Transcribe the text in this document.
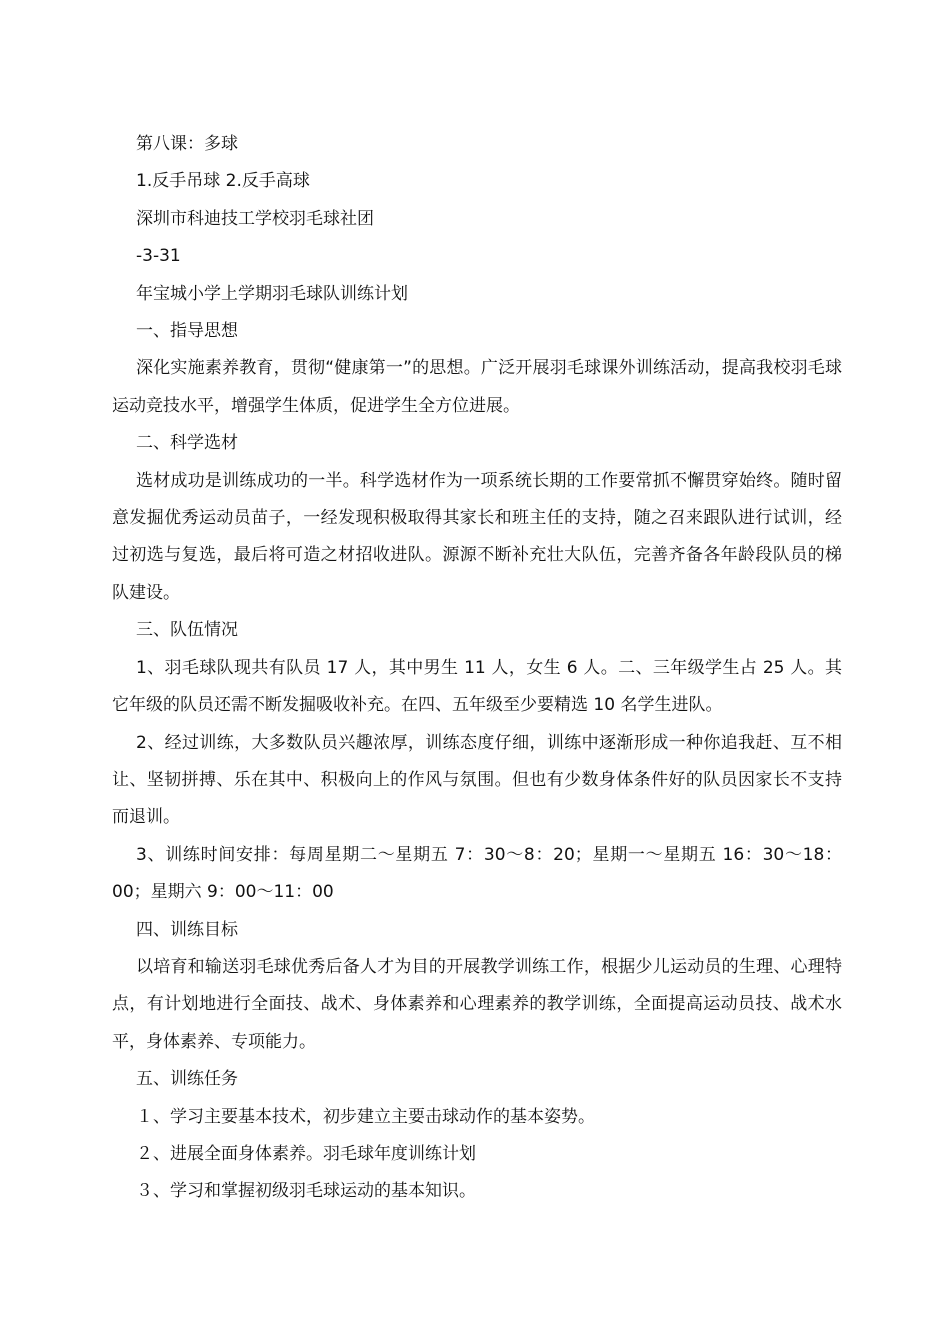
第八课：多球

1.反手吊球 2.反手高球

深圳市科迪技工学校羽毛球社团

-3-31

年宝城小学上学期羽毛球队训练计划

一、指导思想

深化实施素养教育，贯彻“健康第一”的思想。广泛开展羽毛球课外训练活动，提高我校羽毛球运动竞技水平，增强学生体质，促进学生全方位进展。

二、科学选材

选材成功是训练成功的一半。科学选材作为一项系统长期的工作要常抓不懈贯穿始终。随时留意发掘优秀运动员苗子，一经发现积极取得其家长和班主任的支持，随之召来跟队进行试训，经过初选与复选，最后将可造之材招收进队。源源不断补充壮大队伍，完善齐备各年龄段队员的梯队建设。

三、队伍情况

1、羽毛球队现共有队员 17 人，其中男生 11 人，女生 6 人。二、三年级学生占 25 人。其它年级的队员还需不断发掘吸收补充。在四、五年级至少要精选 10 名学生进队。

2、经过训练，大多数队员兴趣浓厚，训练态度仔细，训练中逐渐形成一种你追我赶、互不相让、坚韧拼搏、乐在其中、积极向上的作风与氛围。但也有少数身体条件好的队员因家长不支持而退训。

3、训练时间安排：每周星期二～星期五 7：30～8：20；星期一～星期五 16：30～18：00；星期六 9：00～11：00

四、训练目标

以培育和输送羽毛球优秀后备人才为目的开展教学训练工作，根据少儿运动员的生理、心理特点，有计划地进行全面技、战术、身体素养和心理素养的教学训练，全面提高运动员技、战术水平，身体素养、专项能力。

五、训练任务

１、学习主要基本技术，初步建立主要击球动作的基本姿势。

２、进展全面身体素养。羽毛球年度训练计划

３、学习和掌握初级羽毛球运动的基本知识。
